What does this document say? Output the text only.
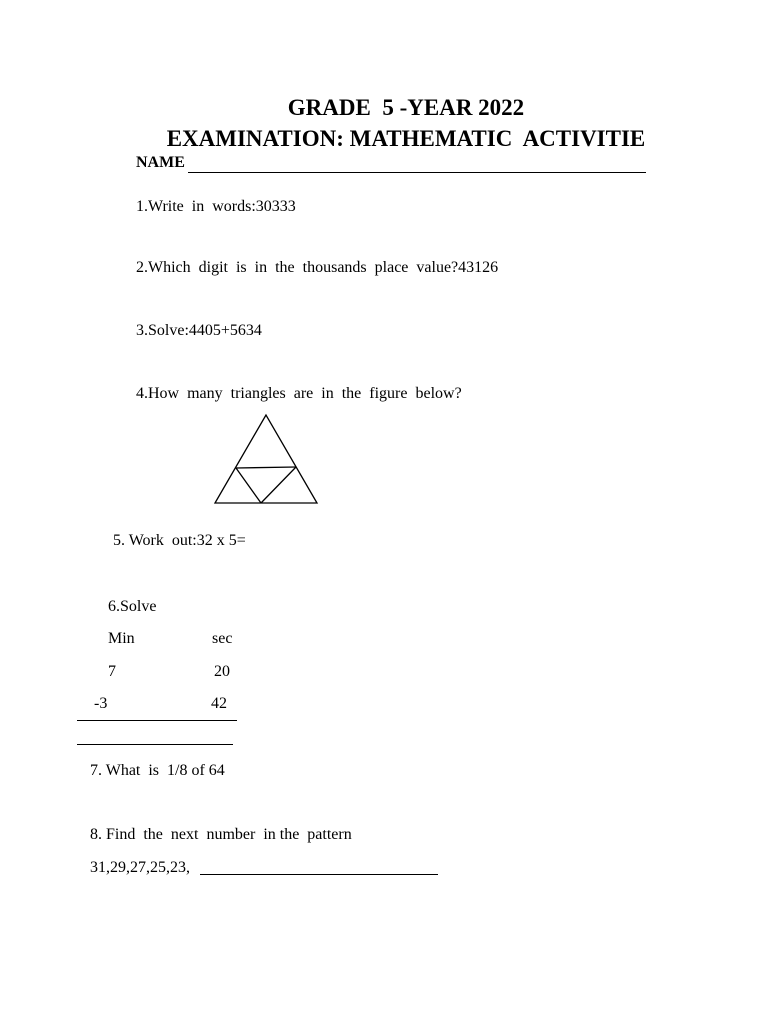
GRADE  5 -YEAR 2022
EXAMINATION: MATHEMATIC  ACTIVITIE
NAME
1.Write  in  words:30333
2.Which  digit  is  in  the  thousands  place  value?43126
3.Solve:4405+5634
4.How  many  triangles  are  in  the  figure  below?
5. Work  out:32 x 5=
6.Solve
Min	sec
7	20
-3	42
7. What  is  1/8 of 64
8. Find  the  next  number  in the  pattern
31,29,27,25,23,
